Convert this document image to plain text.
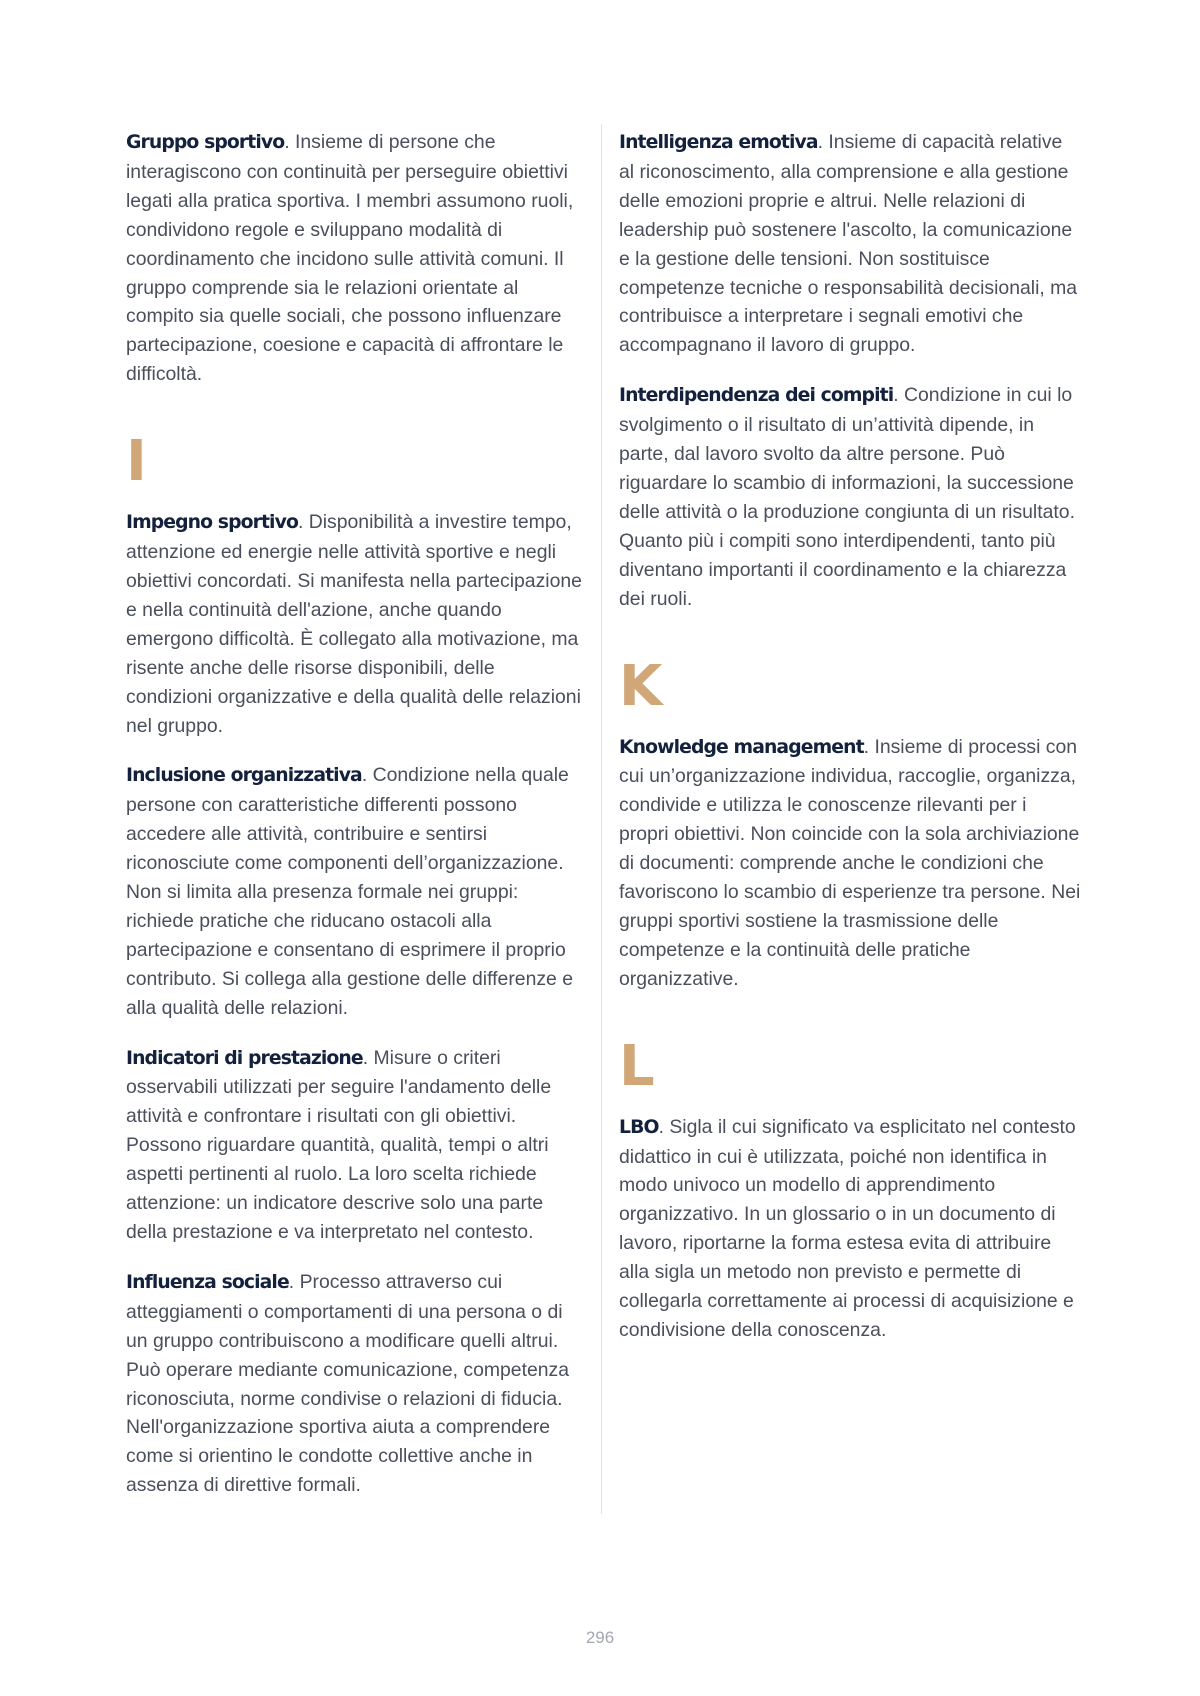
Gruppo sportivo. Insieme di persone che interagiscono con continuità per perseguire obiettivi legati alla pratica sportiva. I membri assumono ruoli, condividono regole e sviluppano modalità di coordinamento che incidono sulle attività comuni. Il gruppo comprende sia le relazioni orientate al compito sia quelle sociali, che possono influenzare partecipazione, coesione e capacità di affrontare le difficoltà.

I

Impegno sportivo. Disponibilità a investire tempo, attenzione ed energie nelle attività sportive e negli obiettivi concordati. Si manifesta nella partecipazione e nella continuità dell'azione, anche quando emergono difficoltà. È collegato alla motivazione, ma risente anche delle risorse disponibili, delle condizioni organizzative e della qualità delle relazioni nel gruppo.

Inclusione organizzativa. Condizione nella quale persone con caratteristiche differenti possono accedere alle attività, contribuire e sentirsi riconosciute come componenti dell’organizzazione. Non si limita alla presenza formale nei gruppi: richiede pratiche che riducano ostacoli alla partecipazione e consentano di esprimere il proprio contributo. Si collega alla gestione delle differenze e alla qualità delle relazioni.

Indicatori di prestazione. Misure o criteri osservabili utilizzati per seguire l'andamento delle attività e confrontare i risultati con gli obiettivi. Possono riguardare quantità, qualità, tempi o altri aspetti pertinenti al ruolo. La loro scelta richiede attenzione: un indicatore descrive solo una parte della prestazione e va interpretato nel contesto.

Influenza sociale. Processo attraverso cui atteggiamenti o comportamenti di una persona o di un gruppo contribuiscono a modificare quelli altrui. Può operare mediante comunicazione, competenza riconosciuta, norme condivise o relazioni di fiducia. Nell'organizzazione sportiva aiuta a comprendere come si orientino le condotte collettive anche in assenza di direttive formali.

Intelligenza emotiva. Insieme di capacità relative al riconoscimento, alla comprensione e alla gestione delle emozioni proprie e altrui. Nelle relazioni di leadership può sostenere l'ascolto, la comunicazione e la gestione delle tensioni. Non sostituisce competenze tecniche o responsabilità decisionali, ma contribuisce a interpretare i segnali emotivi che accompagnano il lavoro di gruppo.

Interdipendenza dei compiti. Condizione in cui lo svolgimento o il risultato di un’attività dipende, in parte, dal lavoro svolto da altre persone. Può riguardare lo scambio di informazioni, la successione delle attività o la produzione congiunta di un risultato. Quanto più i compiti sono interdipendenti, tanto più diventano importanti il coordinamento e la chiarezza dei ruoli.

K

Knowledge management. Insieme di processi con cui un’organizzazione individua, raccoglie, organizza, condivide e utilizza le conoscenze rilevanti per i propri obiettivi. Non coincide con la sola archiviazione di documenti: comprende anche le condizioni che favoriscono lo scambio di esperienze tra persone. Nei gruppi sportivi sostiene la trasmissione delle competenze e la continuità delle pratiche organizzative.

L

LBO. Sigla il cui significato va esplicitato nel contesto didattico in cui è utilizzata, poiché non identifica in modo univoco un modello di apprendimento organizzativo. In un glossario o in un documento di lavoro, riportarne la forma estesa evita di attribuire alla sigla un metodo non previsto e permette di collegarla correttamente ai processi di acquisizione e condivisione della conoscenza.

296
